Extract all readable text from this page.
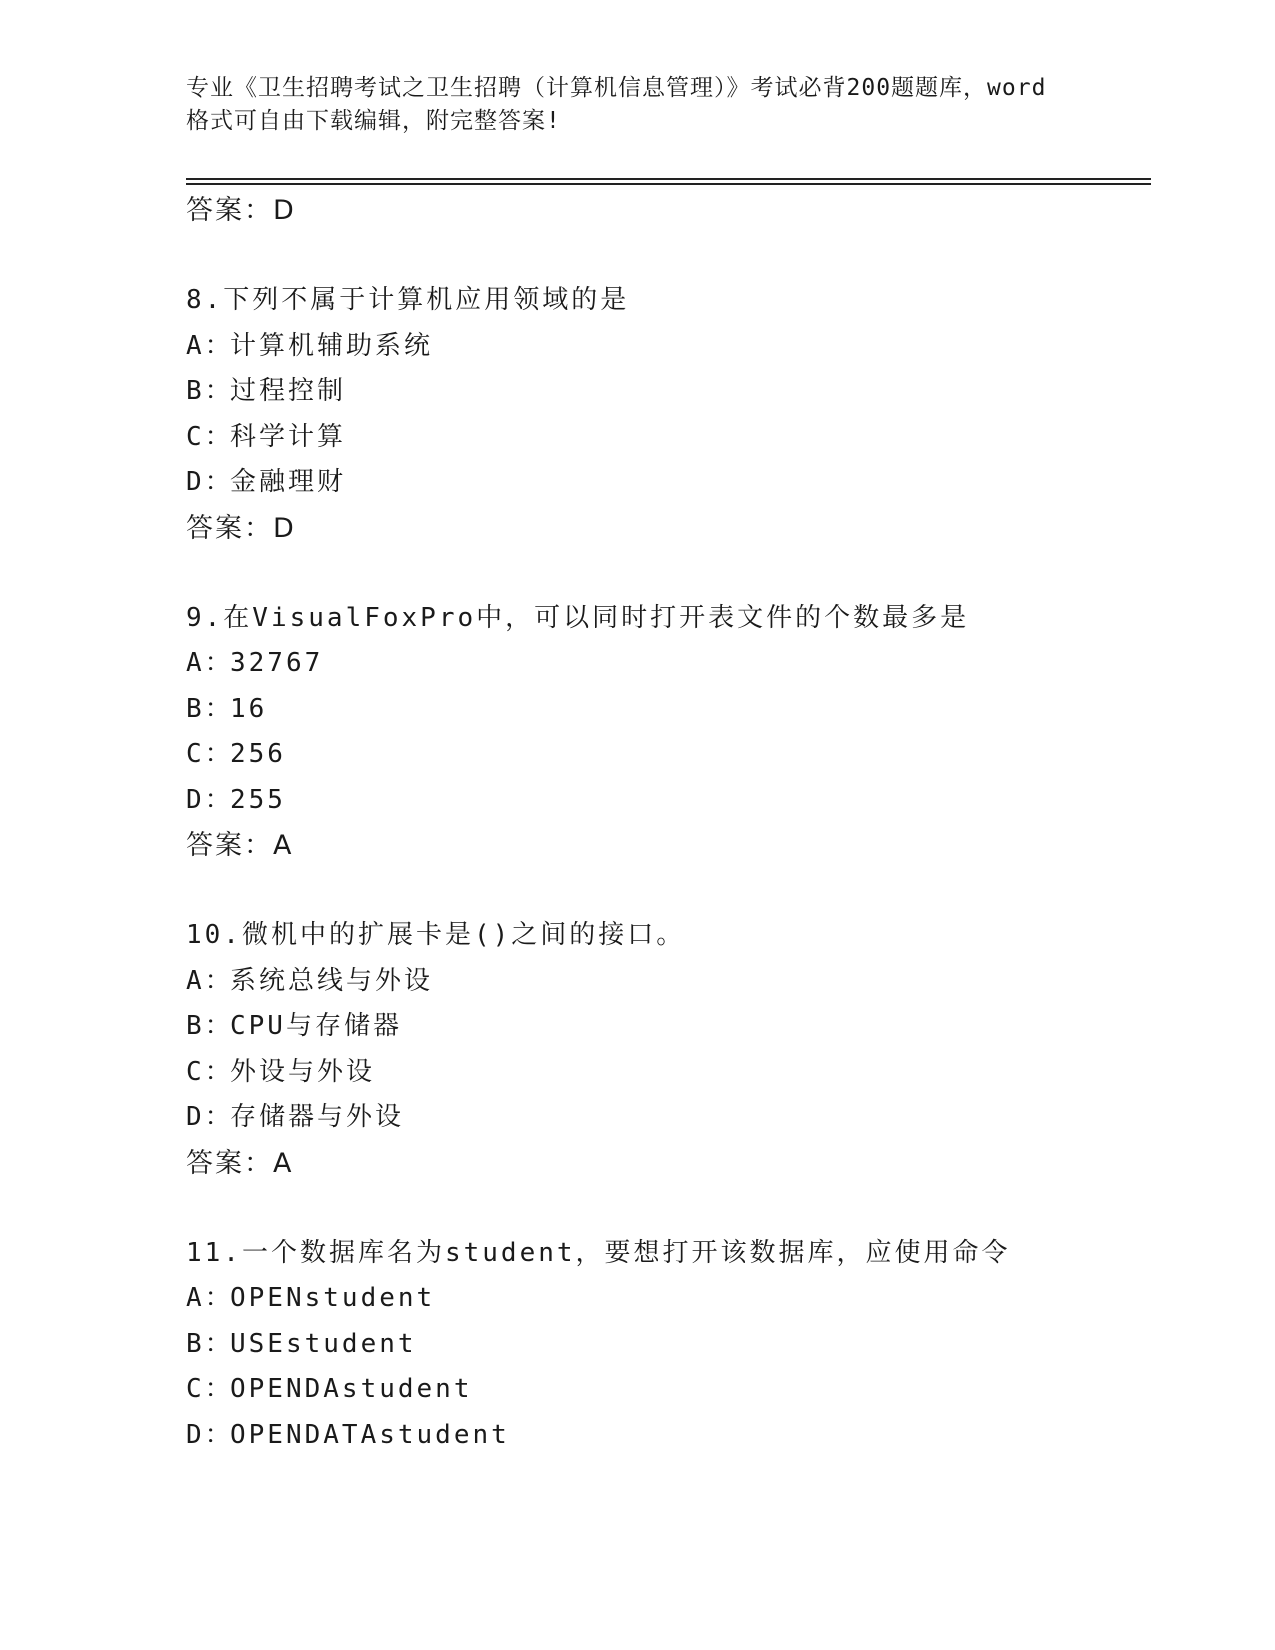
专业《卫生招聘考试之卫生招聘（计算机信息管理）》考试必背200题题库，word
格式可自由下载编辑，附完整答案!
答案：D
8.下列不属于计算机应用领域的是
A：计算机辅助系统
B：过程控制
C：科学计算
D：金融理财
答案：D
9.在VisualFoxPro中，可以同时打开表文件的个数最多是
A：32767
B：16
C：256
D：255
答案：A
10.微机中的扩展卡是()之间的接口。
A：系统总线与外设
B：CPU与存储器
C：外设与外设
D：存储器与外设
答案：A
11.一个数据库名为student，要想打开该数据库，应使用命令
A：OPENstudent
B：USEstudent
C：OPENDAstudent
D：OPENDATAstudent
